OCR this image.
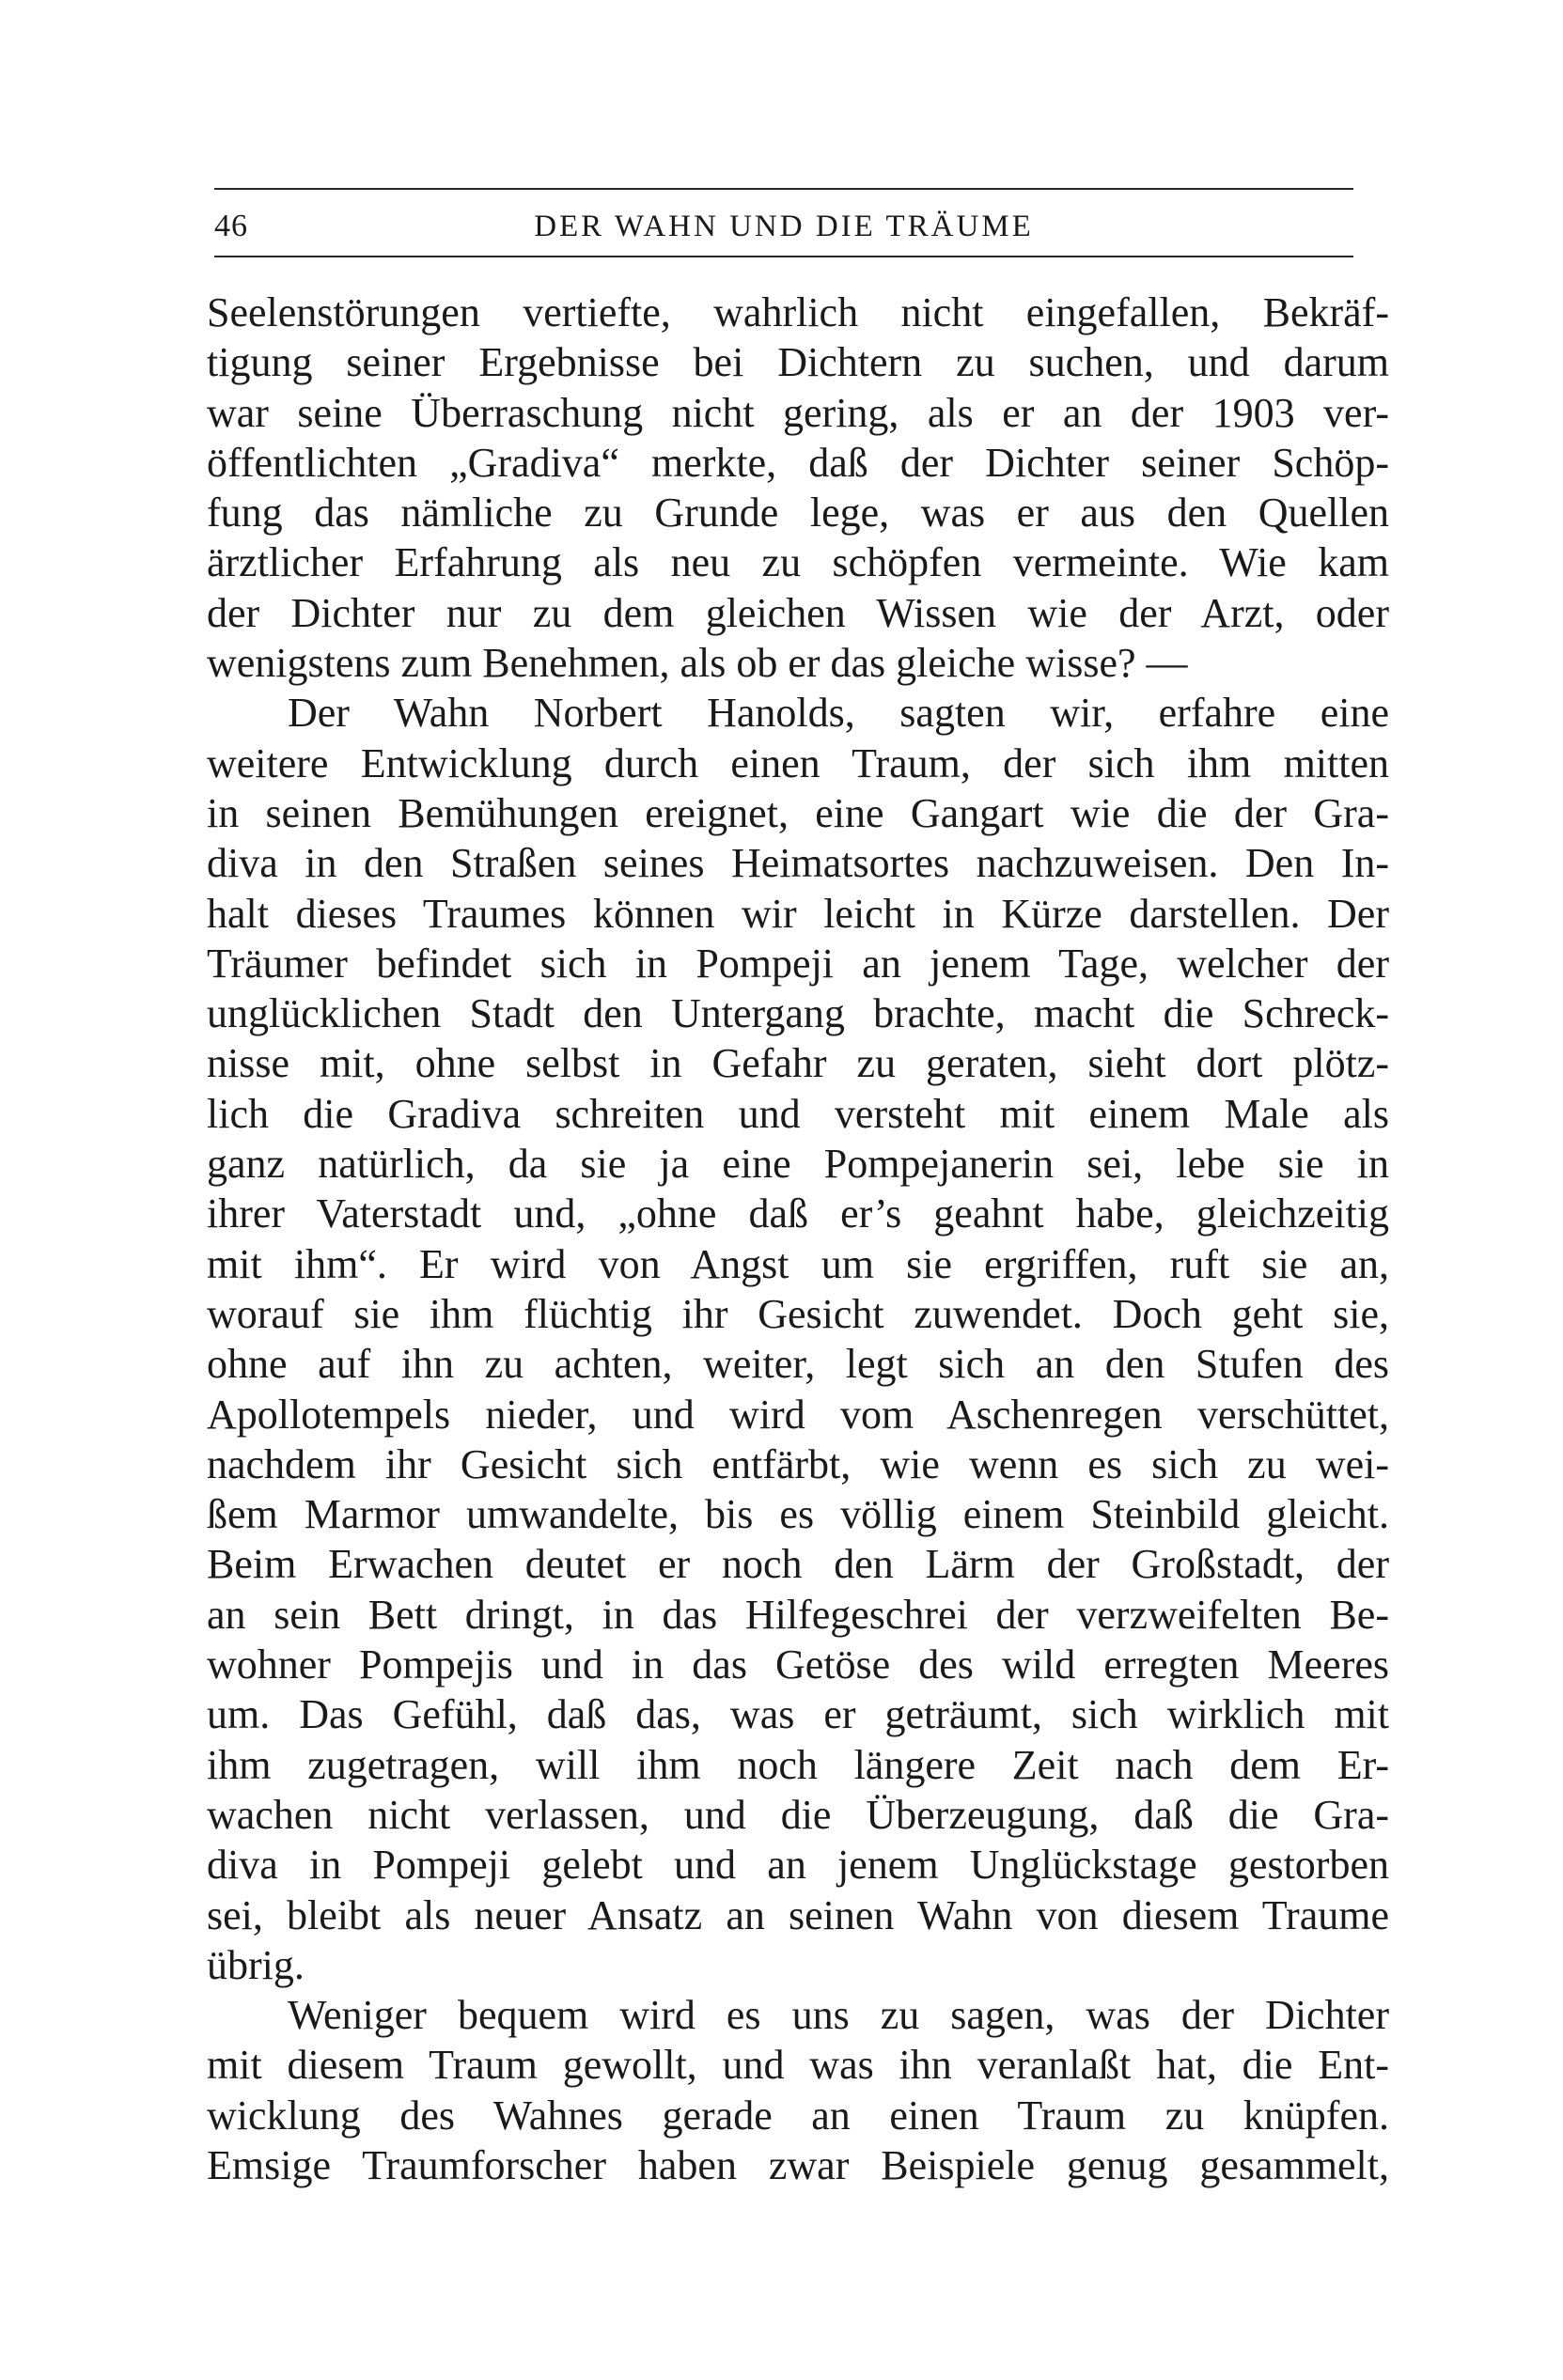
46	DER WAHN UND DIE TRÄUME
Seelenstörungen vertiefte, wahrlich nicht eingefallen, Bekräf-
tigung seiner Ergebnisse bei Dichtern zu suchen, und darum
war seine Überraschung nicht gering, als er an der 1903 ver-
öffentlichten „Gradiva“ merkte, daß der Dichter seiner Schöp-
fung das nämliche zu Grunde lege, was er aus den Quellen
ärztlicher Erfahrung als neu zu schöpfen vermeinte. Wie kam
der Dichter nur zu dem gleichen Wissen wie der Arzt, oder
wenigstens zum Benehmen, als ob er das gleiche wisse? —
Der Wahn Norbert Hanolds, sagten wir, erfahre eine
weitere Entwicklung durch einen Traum, der sich ihm mitten
in seinen Bemühungen ereignet, eine Gangart wie die der Gra-
diva in den Straßen seines Heimatsortes nachzuweisen. Den In-
halt dieses Traumes können wir leicht in Kürze darstellen. Der
Träumer befindet sich in Pompeji an jenem Tage, welcher der
unglücklichen Stadt den Untergang brachte, macht die Schreck-
nisse mit, ohne selbst in Gefahr zu geraten, sieht dort plötz-
lich die Gradiva schreiten und versteht mit einem Male als
ganz natürlich, da sie ja eine Pompejanerin sei, lebe sie in
ihrer Vaterstadt und, „ohne daß er’s geahnt habe, gleichzeitig
mit ihm“. Er wird von Angst um sie ergriffen, ruft sie an,
worauf sie ihm flüchtig ihr Gesicht zuwendet. Doch geht sie,
ohne auf ihn zu achten, weiter, legt sich an den Stufen des
Apollotempels nieder, und wird vom Aschenregen verschüttet,
nachdem ihr Gesicht sich entfärbt, wie wenn es sich zu wei-
ßem Marmor umwandelte, bis es völlig einem Steinbild gleicht.
Beim Erwachen deutet er noch den Lärm der Großstadt, der
an sein Bett dringt, in das Hilfegeschrei der verzweifelten Be-
wohner Pompejis und in das Getöse des wild erregten Meeres
um. Das Gefühl, daß das, was er geträumt, sich wirklich mit
ihm zugetragen, will ihm noch längere Zeit nach dem Er-
wachen nicht verlassen, und die Überzeugung, daß die Gra-
diva in Pompeji gelebt und an jenem Unglückstage gestorben
sei, bleibt als neuer Ansatz an seinen Wahn von diesem Traume
übrig.
Weniger bequem wird es uns zu sagen, was der Dichter
mit diesem Traum gewollt, und was ihn veranlaßt hat, die Ent-
wicklung des Wahnes gerade an einen Traum zu knüpfen.
Emsige Traumforscher haben zwar Beispiele genug gesammelt,
